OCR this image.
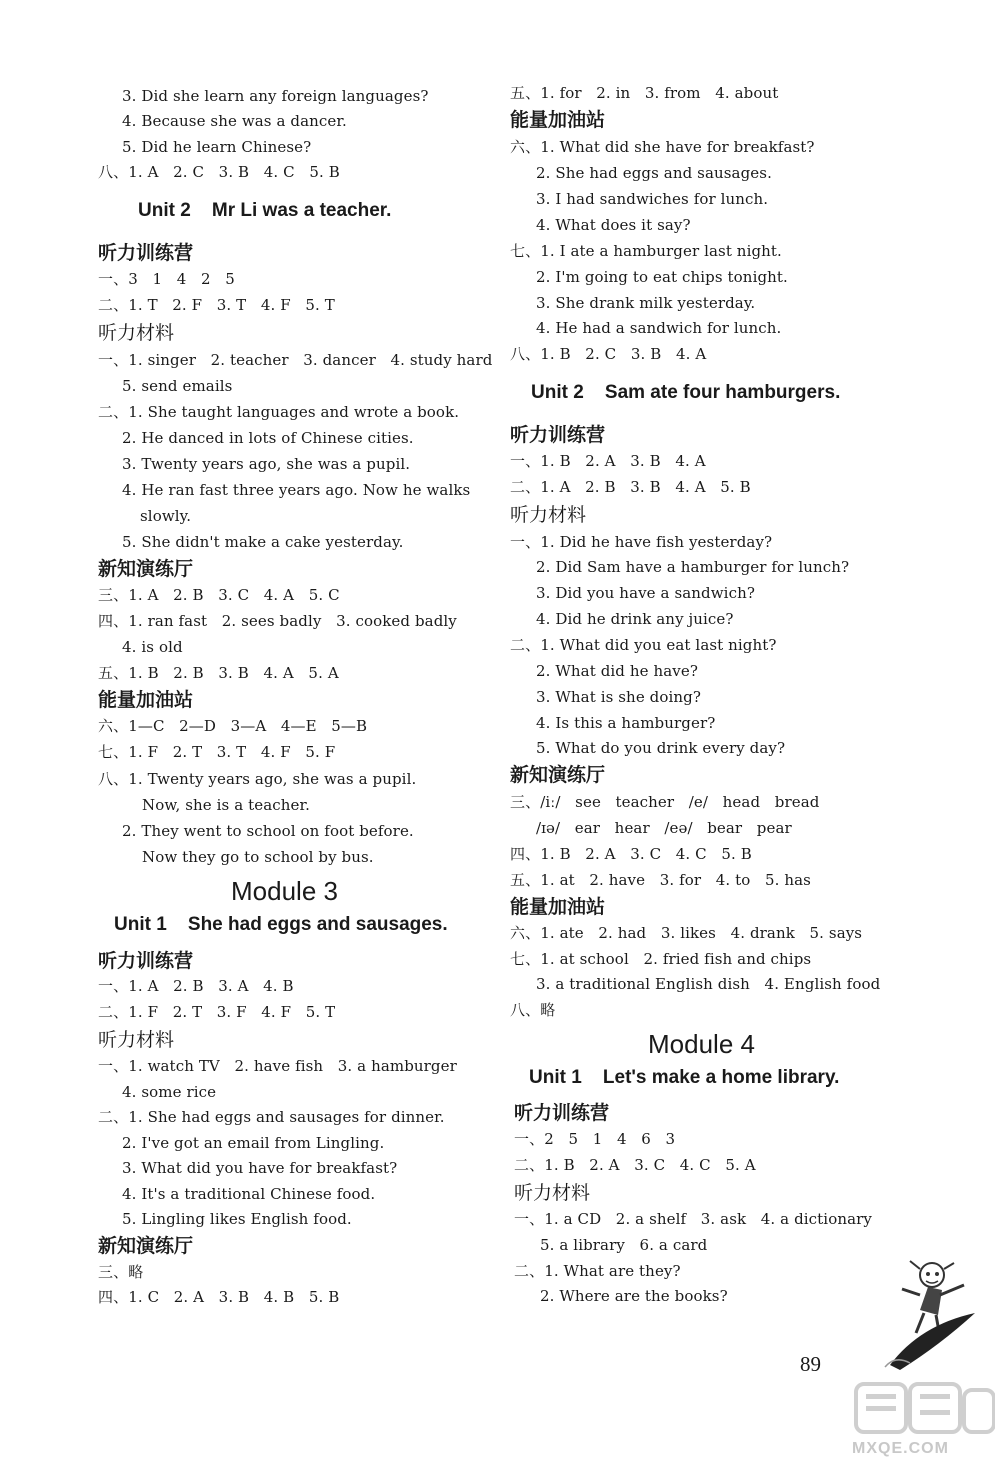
3. Did she learn any foreign languages?
4. Because she was a dancer.
5. Did he learn Chinese?
八、1. A   2. C   3. B   4. C   5. B
Unit 2    Mr Li was a teacher.
听力训练营
一、3   1   4   2   5
二、1. T   2. F   3. T   4. F   5. T
听力材料
一、1. singer   2. teacher   3. dancer   4. study hard
5. send emails
二、1. She taught languages and wrote a book.
2. He danced in lots of Chinese cities.
3. Twenty years ago, she was a pupil.
4. He ran fast three years ago. Now he walks
slowly.
5. She didn't make a cake yesterday.
新知演练厅
三、1. A   2. B   3. C   4. A   5. C
四、1. ran fast   2. sees badly   3. cooked badly
4. is old
五、1. B   2. B   3. B   4. A   5. A
能量加油站
六、1—C   2—D   3—A   4—E   5—B
七、1. F   2. T   3. T   4. F   5. F
八、1. Twenty years ago, she was a pupil.
Now, she is a teacher.
2. They went to school on foot before.
Now they go to school by bus.
Module 3
Unit 1    She had eggs and sausages.
听力训练营
一、1. A   2. B   3. A   4. B
二、1. F   2. T   3. F   4. F   5. T
听力材料
一、1. watch TV   2. have fish   3. a hamburger
4. some rice
二、1. She had eggs and sausages for dinner.
2. I've got an email from Lingling.
3. What did you have for breakfast?
4. It's a traditional Chinese food.
5. Lingling likes English food.
新知演练厅
三、略
四、1. C   2. A   3. B   4. B   5. B
五、1. for   2. in   3. from   4. about
能量加油站
六、1. What did she have for breakfast?
2. She had eggs and sausages.
3. I had sandwiches for lunch.
4. What does it say?
七、1. I ate a hamburger last night.
2. I'm going to eat chips tonight.
3. She drank milk yesterday.
4. He had a sandwich for lunch.
八、1. B   2. C   3. B   4. A
Unit 2    Sam ate four hamburgers.
听力训练营
一、1. B   2. A   3. B   4. A
二、1. A   2. B   3. B   4. A   5. B
听力材料
一、1. Did he have fish yesterday?
2. Did Sam have a hamburger for lunch?
3. Did you have a sandwich?
4. Did he drink any juice?
二、1. What did you eat last night?
2. What did he have?
3. What is she doing?
4. Is this a hamburger?
5. What do you drink every day?
新知演练厅
三、/iː/   see   teacher   /e/   head   bread
/ɪə/   ear   hear   /eə/   bear   pear
四、1. B   2. A   3. C   4. C   5. B
五、1. at   2. have   3. for   4. to   5. has
能量加油站
六、1. ate   2. had   3. likes   4. drank   5. says
七、1. at school   2. fried fish and chips
3. a traditional English dish   4. English food
八、略
Module 4
Unit 1    Let's make a home library.
听力训练营
一、2   5   1   4   6   3
二、1. B   2. A   3. C   4. C   5. A
听力材料
一、1. a CD   2. a shelf   3. ask   4. a dictionary
5. a library   6. a card
二、1. What are they?
2. Where are the books?
89
MXQE.COM
